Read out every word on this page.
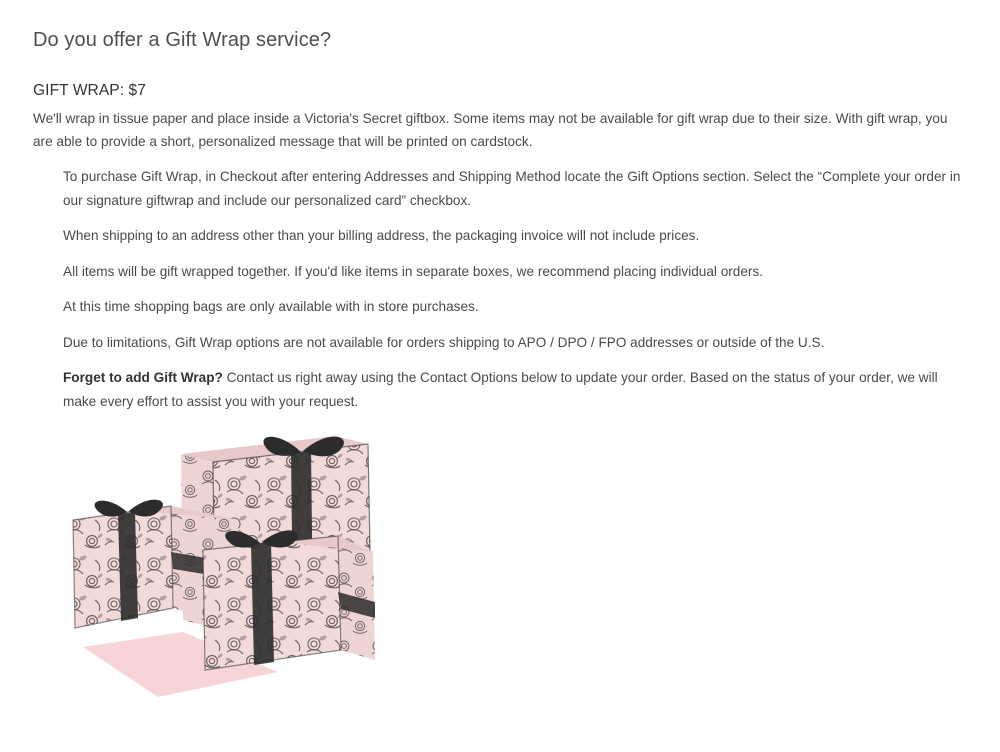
Do you offer a Gift Wrap service?
GIFT WRAP: $7
We'll wrap in tissue paper and place inside a Victoria's Secret giftbox. Some items may not be available for gift wrap due to their size. With gift wrap, you are able to provide a short, personalized message that will be printed on cardstock.

To purchase Gift Wrap, in Checkout after entering Addresses and Shipping Method locate the Gift Options section. Select the “Complete your order in our signature giftwrap and include our personalized card” checkbox.

When shipping to an address other than your billing address, the packaging invoice will not include prices.

All items will be gift wrapped together. If you'd like items in separate boxes, we recommend placing individual orders.

At this time shopping bags are only available with in store purchases.

Due to limitations, Gift Wrap options are not available for orders shipping to APO / DPO / FPO addresses or outside of the U.S.

Forget to add Gift Wrap? Contact us right away using the Contact Options below to update your order. Based on the status of your order, we will make every effort to assist you with your request.
